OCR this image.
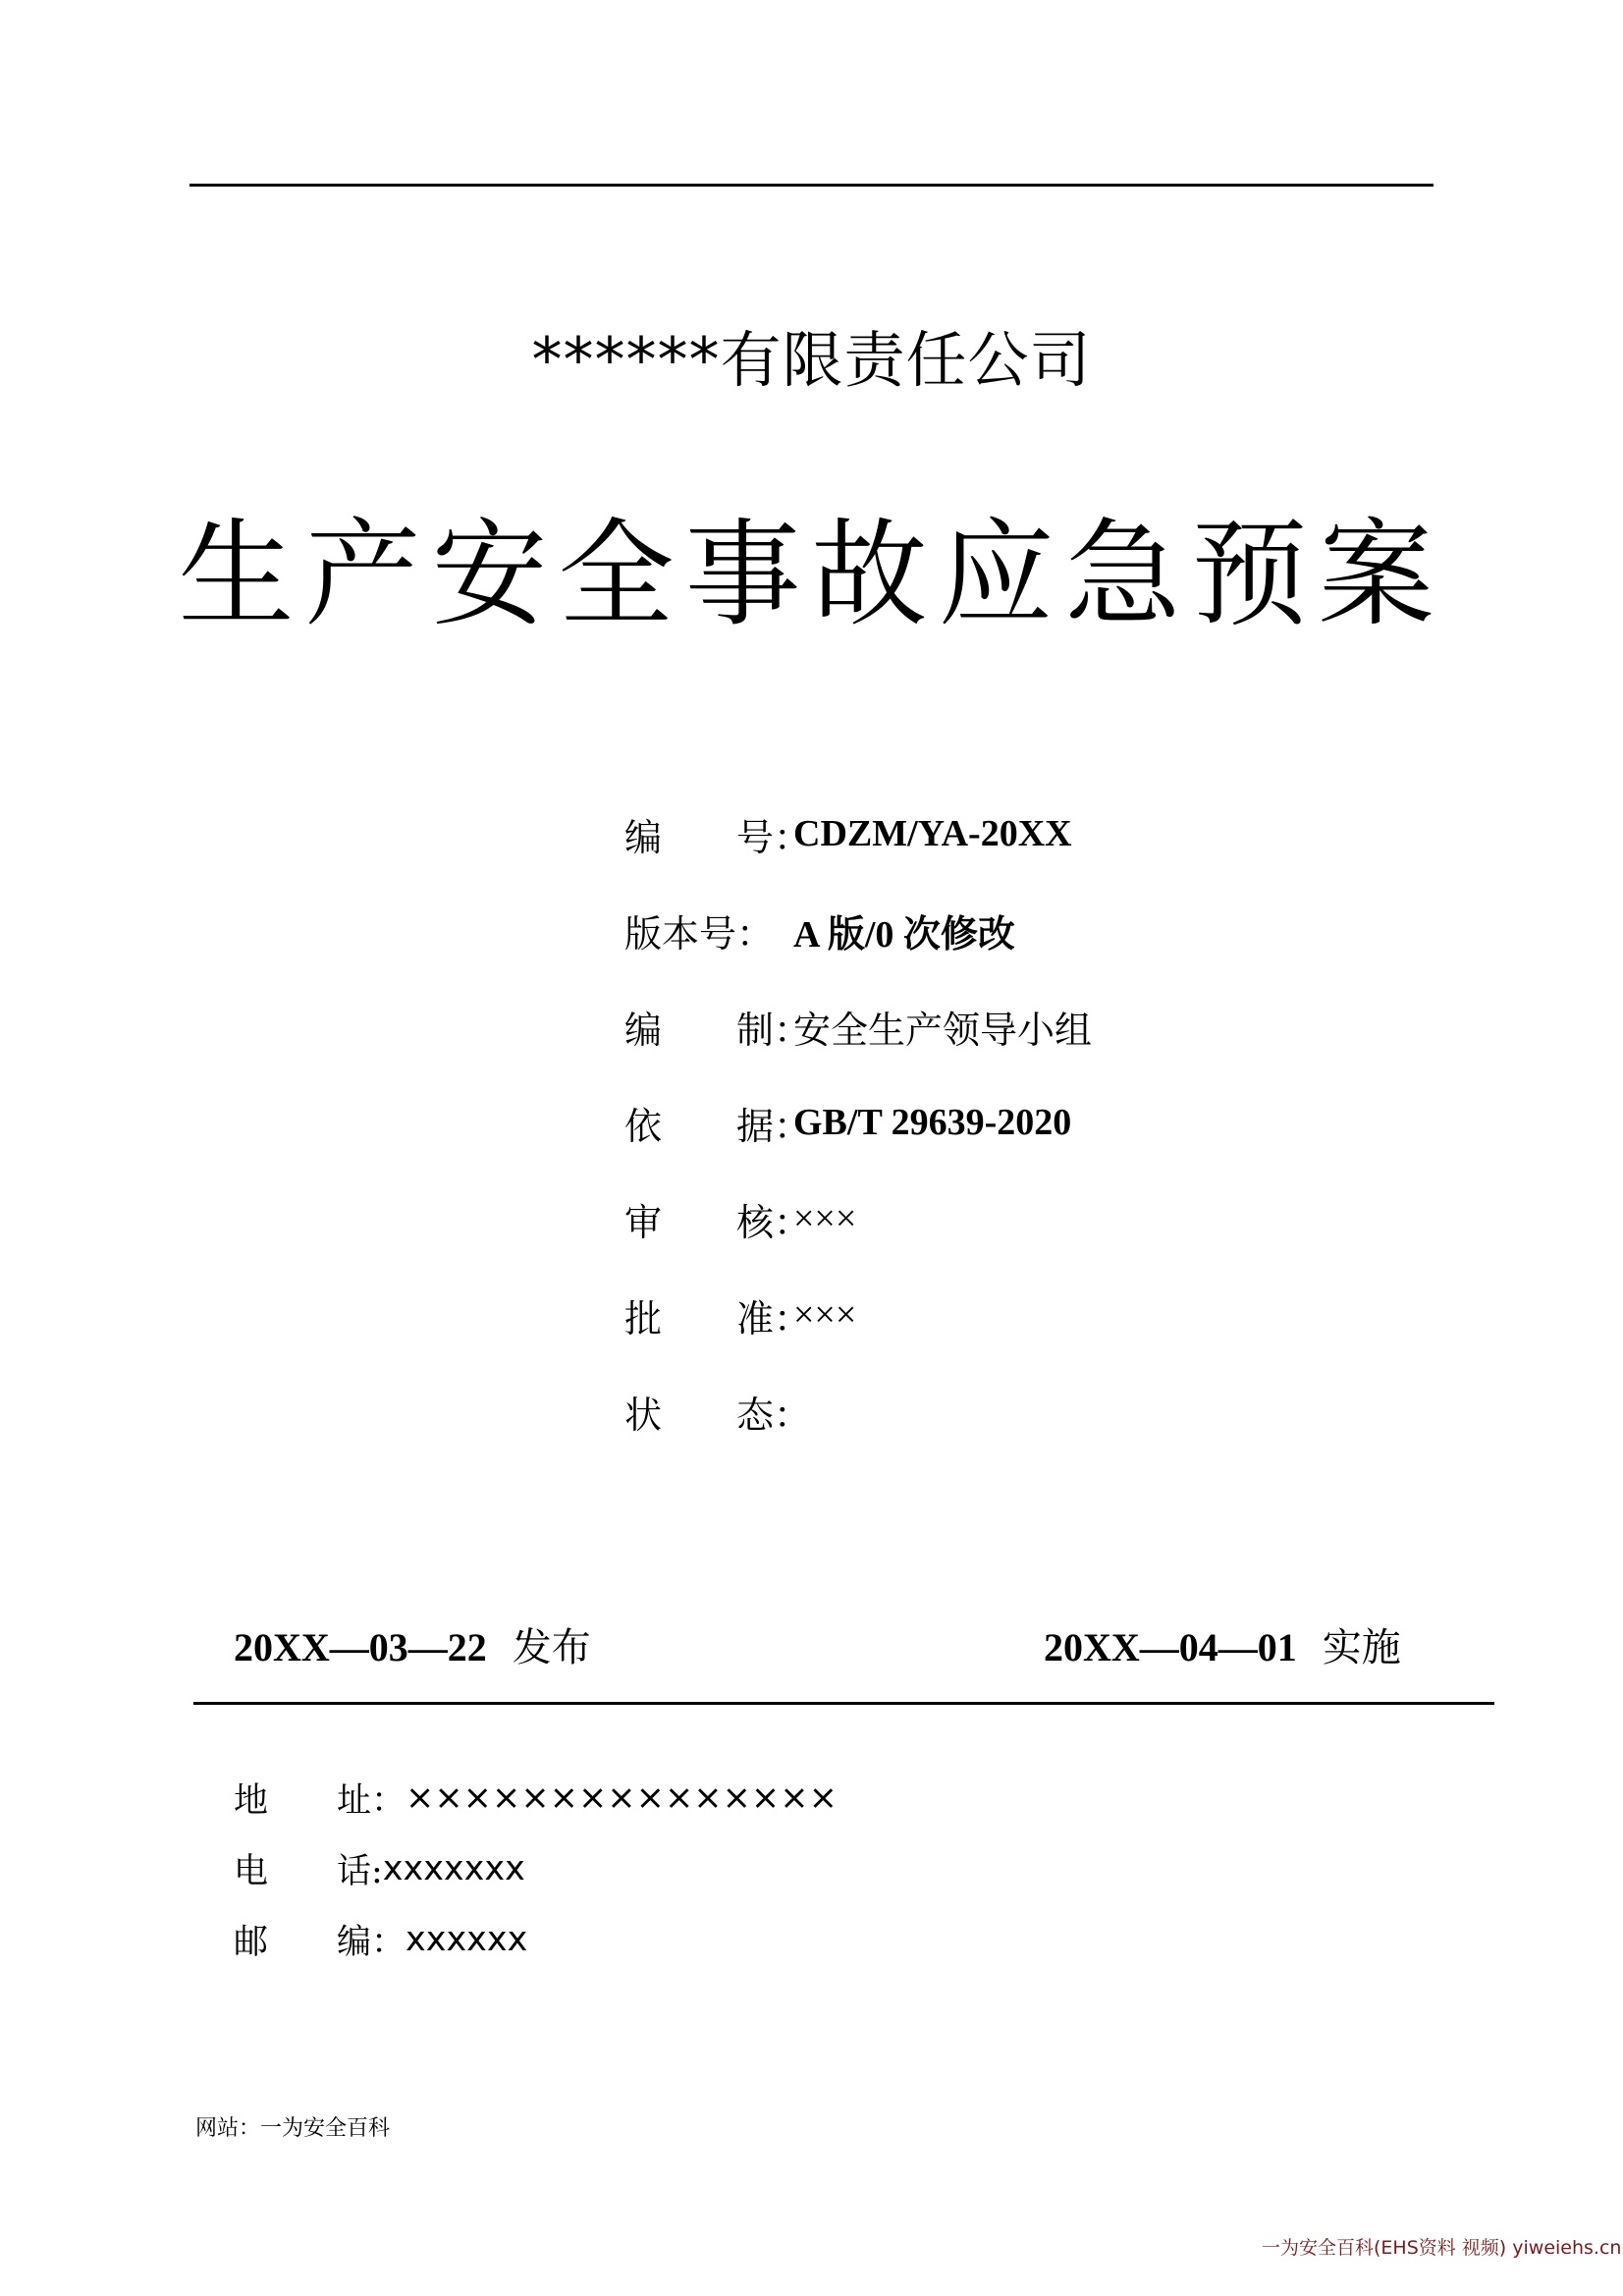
******有限责任公司
生产安全事故应急预案
编　　号：
CDZM/YA-20XX
版本号： A 版/0 次修改
编　　制：
安全生产领导小组
依　　据：
GB/T 29639-2020
审　　核：
×××
批　　准：
×××
状　　态：
20XX—03—22 发布	20XX—04—01 实施
地　　址： ×××××××××××××××
电　　话: xxxxxxx
邮　　编： xxxxxx
网站：一为安全百科
一为安全百科(EHS资料 视频) yiweiehs.cn
